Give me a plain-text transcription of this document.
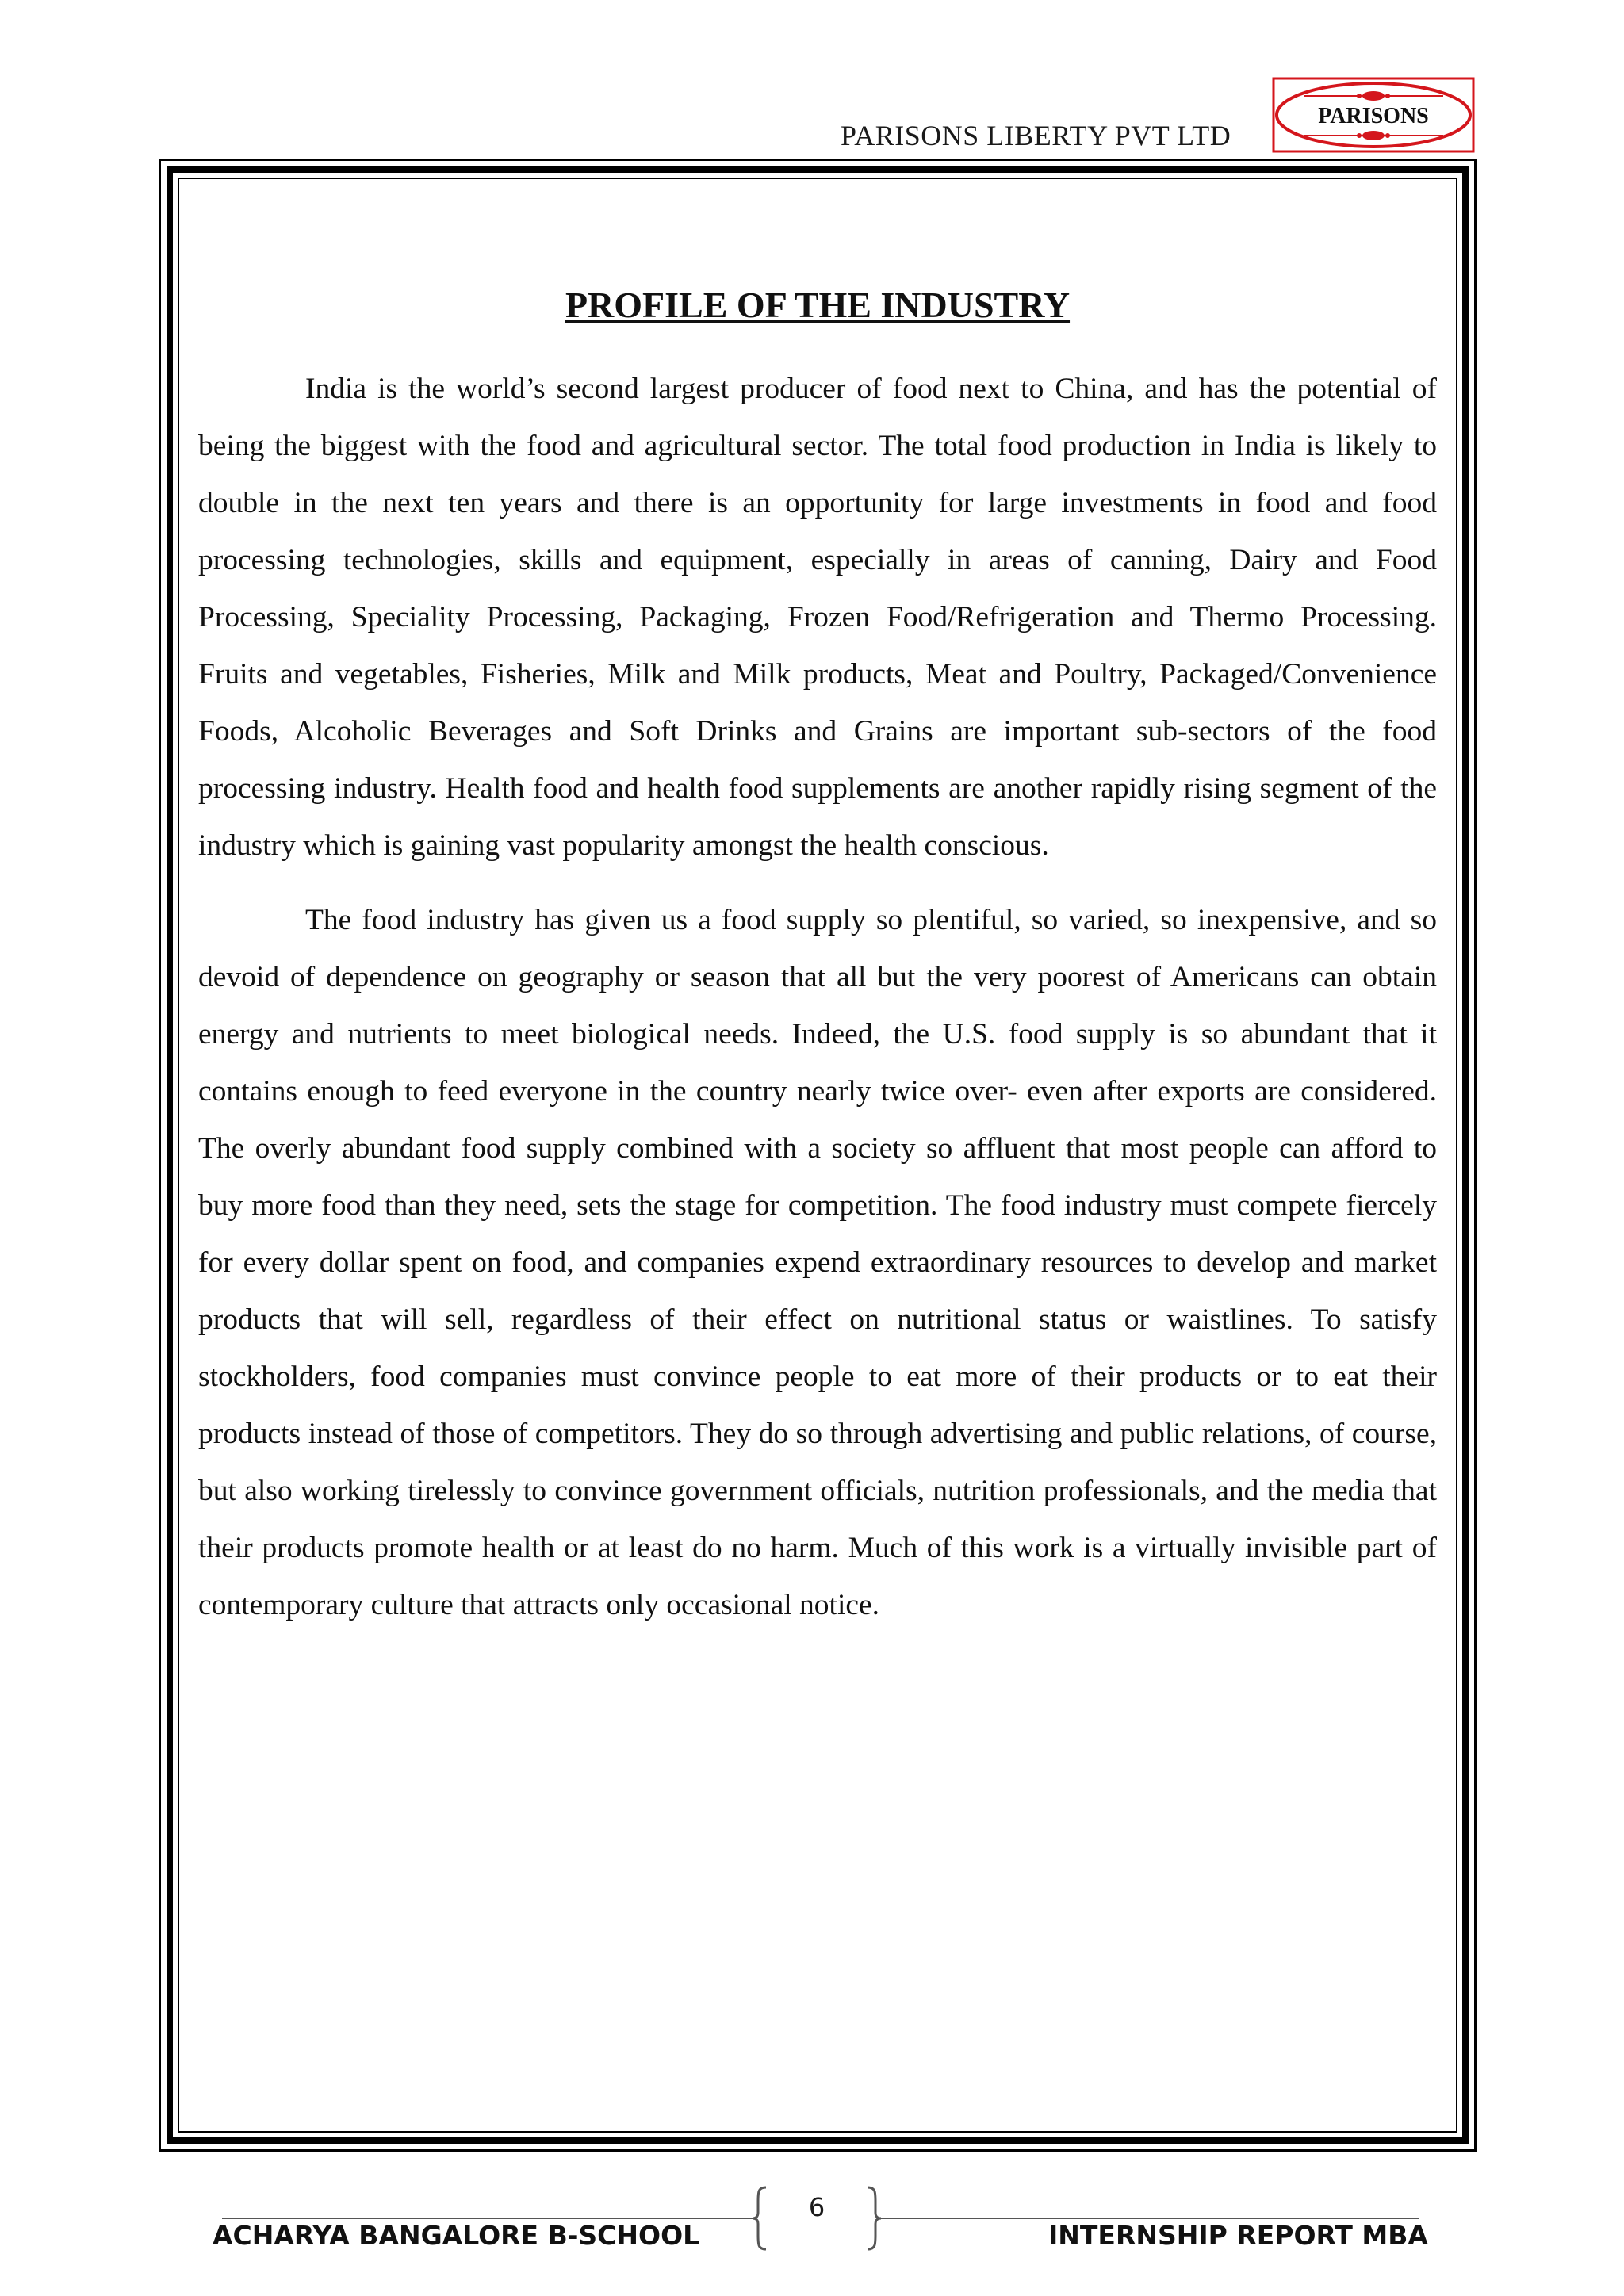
PARISONS LIBERTY PVT LTD
PARISONS
PROFILE OF THE INDUSTRY

India is the world’s second largest producer of food next to China, and has the potential of being the biggest with the food and agricultural sector. The total food production in India is likely to double in the next ten years and there is an opportunity for large investments in food and food processing technologies, skills and equipment, especially in areas of canning, Dairy and Food Processing, Speciality Processing, Packaging, Frozen Food/Refrigeration and Thermo Processing. Fruits and vegetables, Fisheries, Milk and Milk products, Meat and Poultry, Packaged/Convenience Foods, Alcoholic Beverages and Soft Drinks and Grains are important sub-sectors of the food processing industry. Health food and health food supplements are another rapidly rising segment of the industry which is gaining vast popularity amongst the health conscious.

The food industry has given us a food supply so plentiful, so varied, so inexpensive, and so devoid of dependence on geography or season that all but the very poorest of Americans can obtain energy and nutrients to meet biological needs. Indeed, the U.S. food supply is so abundant that it contains enough to feed everyone in the country nearly twice over- even after exports are considered. The overly abundant food supply combined with a society so affluent that most people can afford to buy more food than they need, sets the stage for competition. The food industry must compete fiercely for every dollar spent on food, and companies expend extraordinary resources to develop and market products that will sell, regardless of their effect on nutritional status or waistlines. To satisfy stockholders, food companies must convince people to eat more of their products or to eat their products instead of those of competitors. They do so through advertising and public relations, of course, but also working tirelessly to convince government officials, nutrition professionals, and the media that their products promote health or at least do no harm. Much of this work is a virtually invisible part of contemporary culture that attracts only occasional notice.

6
ACHARYA BANGALORE B-SCHOOL	INTERNSHIP REPORT MBA
